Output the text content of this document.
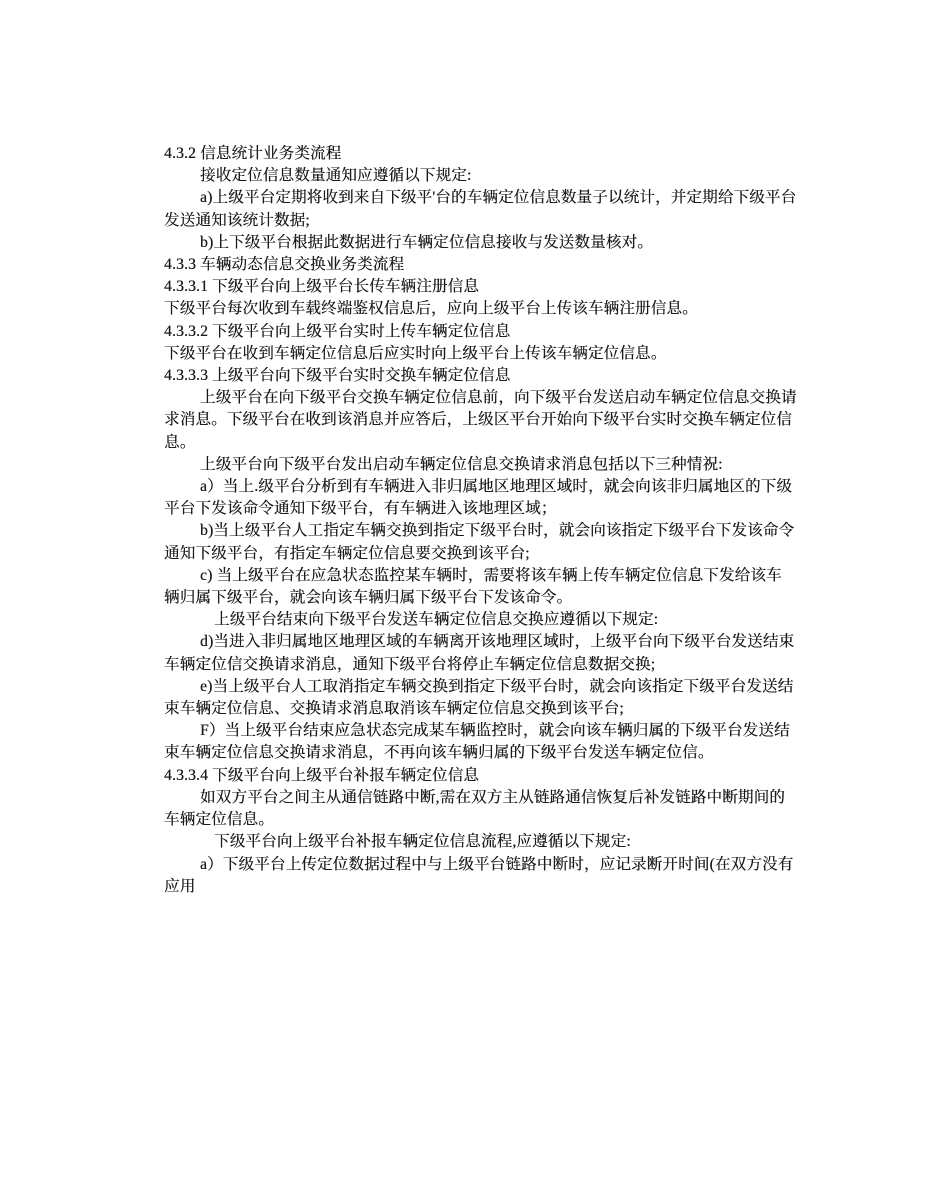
4.3.2 信息统计业务类流程
接收定位信息数量通知应遵循以下规定:
a)上级平台定期将收到来自下级平'台的车辆定位信息数量子以统计，并定期给下级平台
发送通知该统计数据;
b)上下级平台根据此数据进行车辆定位信息接收与发送数量核对。
4.3.3 车辆动态信息交换业务类流程
4.3.3.1 下级平台向上级平台长传车辆注册信息
下级平台每次收到车载终端鉴权信息后，应向上级平台上传该车辆注册信息。
4.3.3.2 下级平台向上级平台实时上传车辆定位信息
下级平台在收到车辆定位信息后应实时向上级平台上传该车辆定位信息。
4.3.3.3 上级平台向下级平台实时交换车辆定位信息
上级平台在向下级平台交换车辆定位信息前，向下级平台发送启动车辆定位信息交换请
求消息。下级平台在收到该消息并应答后，上级区平台开始向下级平台实时交换车辆定位信
息。
上级平台向下级平台发出启动车辆定位信息交换请求消息包括以下三种情祝:
a）当上.级平台分析到有车辆进入非归属地区地理区域时，就会向该非归属地区的下级
平台下发该命令通知下级平台，有车辆进入该地理区域；
b)当上级平台人工指定车辆交换到指定下级平台时，就会向该指定下级平台下发该命令
通知下级平台，有指定车辆定位信息要交换到该平台;
c) 当上级平台在应急状态监控某车辆时，需要将该车辆上传车辆定位信息下发给该车
辆归属下级平台，就会向该车辆归属下级平台下发该命令。
上级平台结束向下级平台发送车辆定位信息交换应遵循以下规定:
d)当进入非归属地区地理区域的车辆离开该地理区域时，上级平台向下级平台发送结束
车辆定位信交换请求消息，通知下级平台将停止车辆定位信息数据交换;
e)当上级平台人工取消指定车辆交换到指定下级平台时，就会向该指定下级平台发送结
束车辆定位信息、交换请求消息取消该车辆定位信息交换到该平台;
F）当上级平台结束应急状态完成某车辆监控时，就会向该车辆归属的下级平台发送结
束车辆定位信息交换请求消息，不再向该车辆归属的下级平台发送车辆定位信。
4.3.3.4 下级平台向上级平台补报车辆定位信息
如双方平台之间主从通信链路中断,需在双方主从链路通信恢复后补发链路中断期间的
车辆定位信息。
下级平台向上级平台补报车辆定位信息流程,应遵循以下规定:
a）下级平台上传定位数据过程中与上级平台链路中断时，应记录断开时间(在双方没有
应用
